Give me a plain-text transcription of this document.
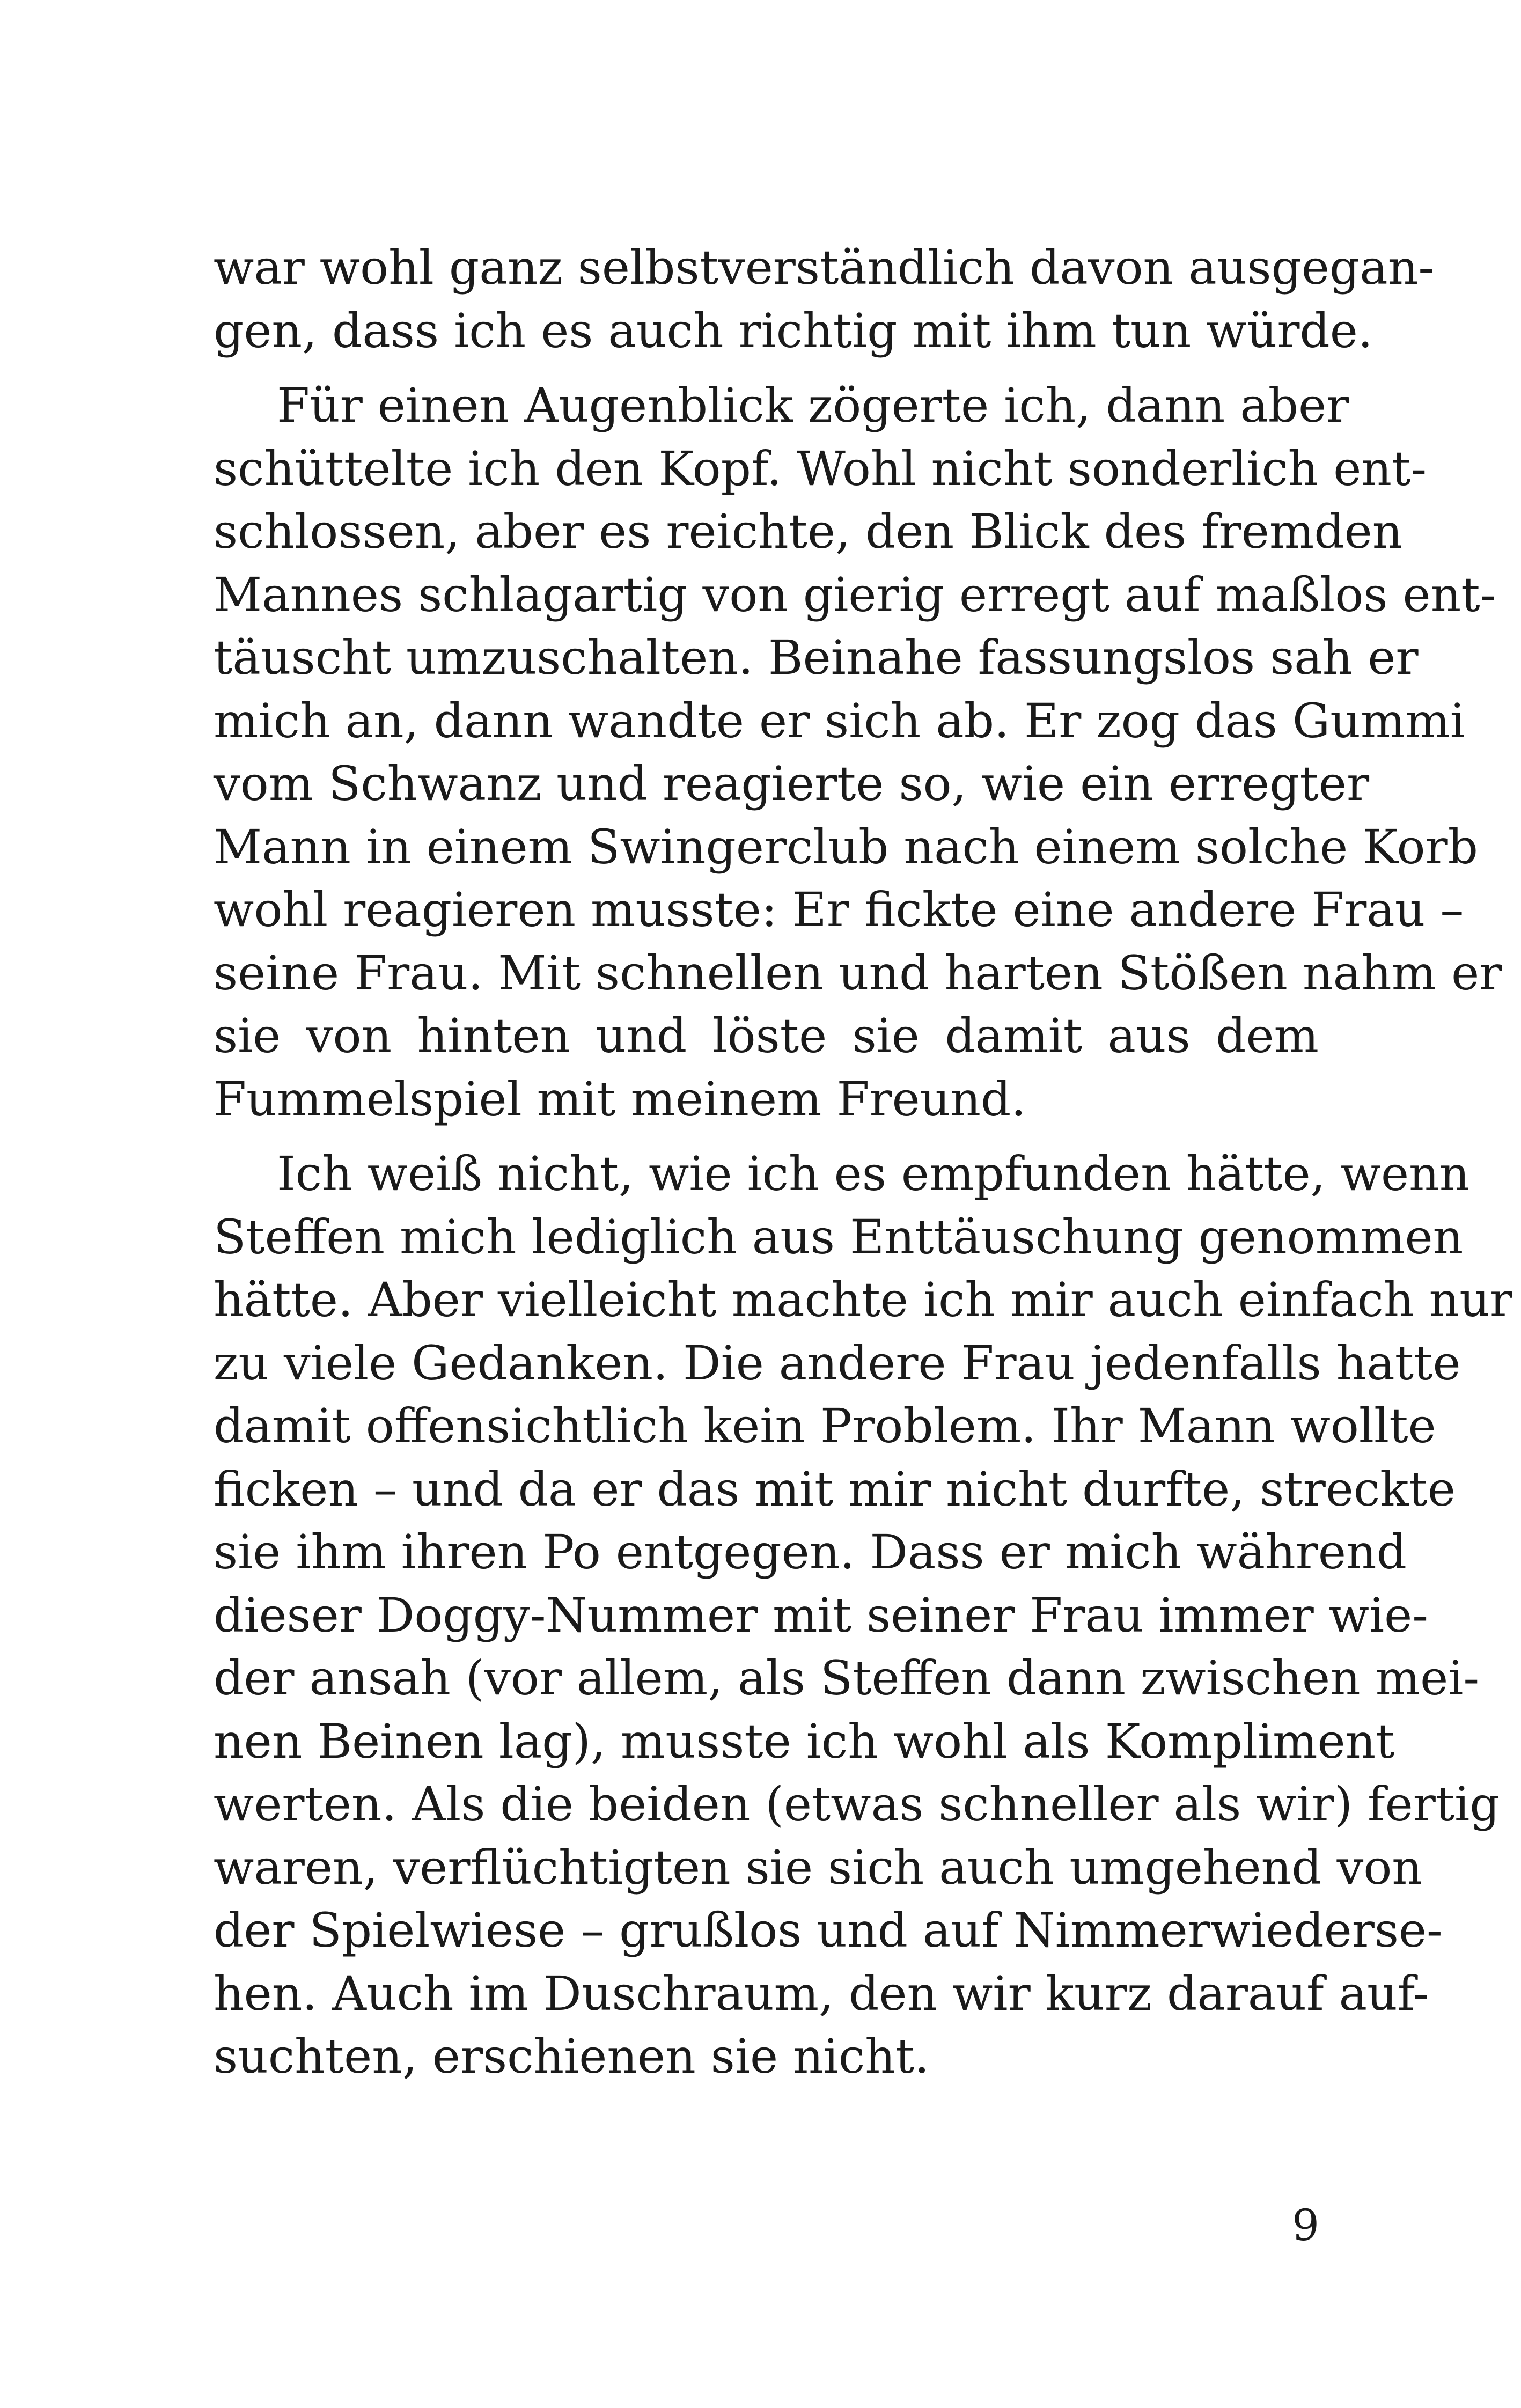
war wohl ganz selbstverständlich davon ausgegan-
gen, dass ich es auch richtig mit ihm tun würde.
Für einen Augenblick zögerte ich, dann aber
schüttelte ich den Kopf. Wohl nicht sonderlich ent-
schlossen, aber es reichte, den Blick des fremden
Mannes schlagartig von gierig erregt auf maßlos ent-
täuscht umzuschalten. Beinahe fassungslos sah er
mich an, dann wandte er sich ab. Er zog das Gummi
vom Schwanz und reagierte so, wie ein erregter
Mann in einem Swingerclub nach einem solche Korb
wohl reagieren musste: Er fickte eine andere Frau –
seine Frau. Mit schnellen und harten Stößen nahm er
sie von hinten und löste sie damit aus dem
Fummelspiel mit meinem Freund.
Ich weiß nicht, wie ich es empfunden hätte, wenn
Steffen mich lediglich aus Enttäuschung genommen
hätte. Aber vielleicht machte ich mir auch einfach nur
zu viele Gedanken. Die andere Frau jedenfalls hatte
damit offensichtlich kein Problem. Ihr Mann wollte
ficken – und da er das mit mir nicht durfte, streckte
sie ihm ihren Po entgegen. Dass er mich während
dieser Doggy-Nummer mit seiner Frau immer wie-
der ansah (vor allem, als Steffen dann zwischen mei-
nen Beinen lag), musste ich wohl als Kompliment
werten. Als die beiden (etwas schneller als wir) fertig
waren, verflüchtigten sie sich auch umgehend von
der Spielwiese – grußlos und auf Nimmerwiederse-
hen. Auch im Duschraum, den wir kurz darauf auf-
suchten, erschienen sie nicht.
9
